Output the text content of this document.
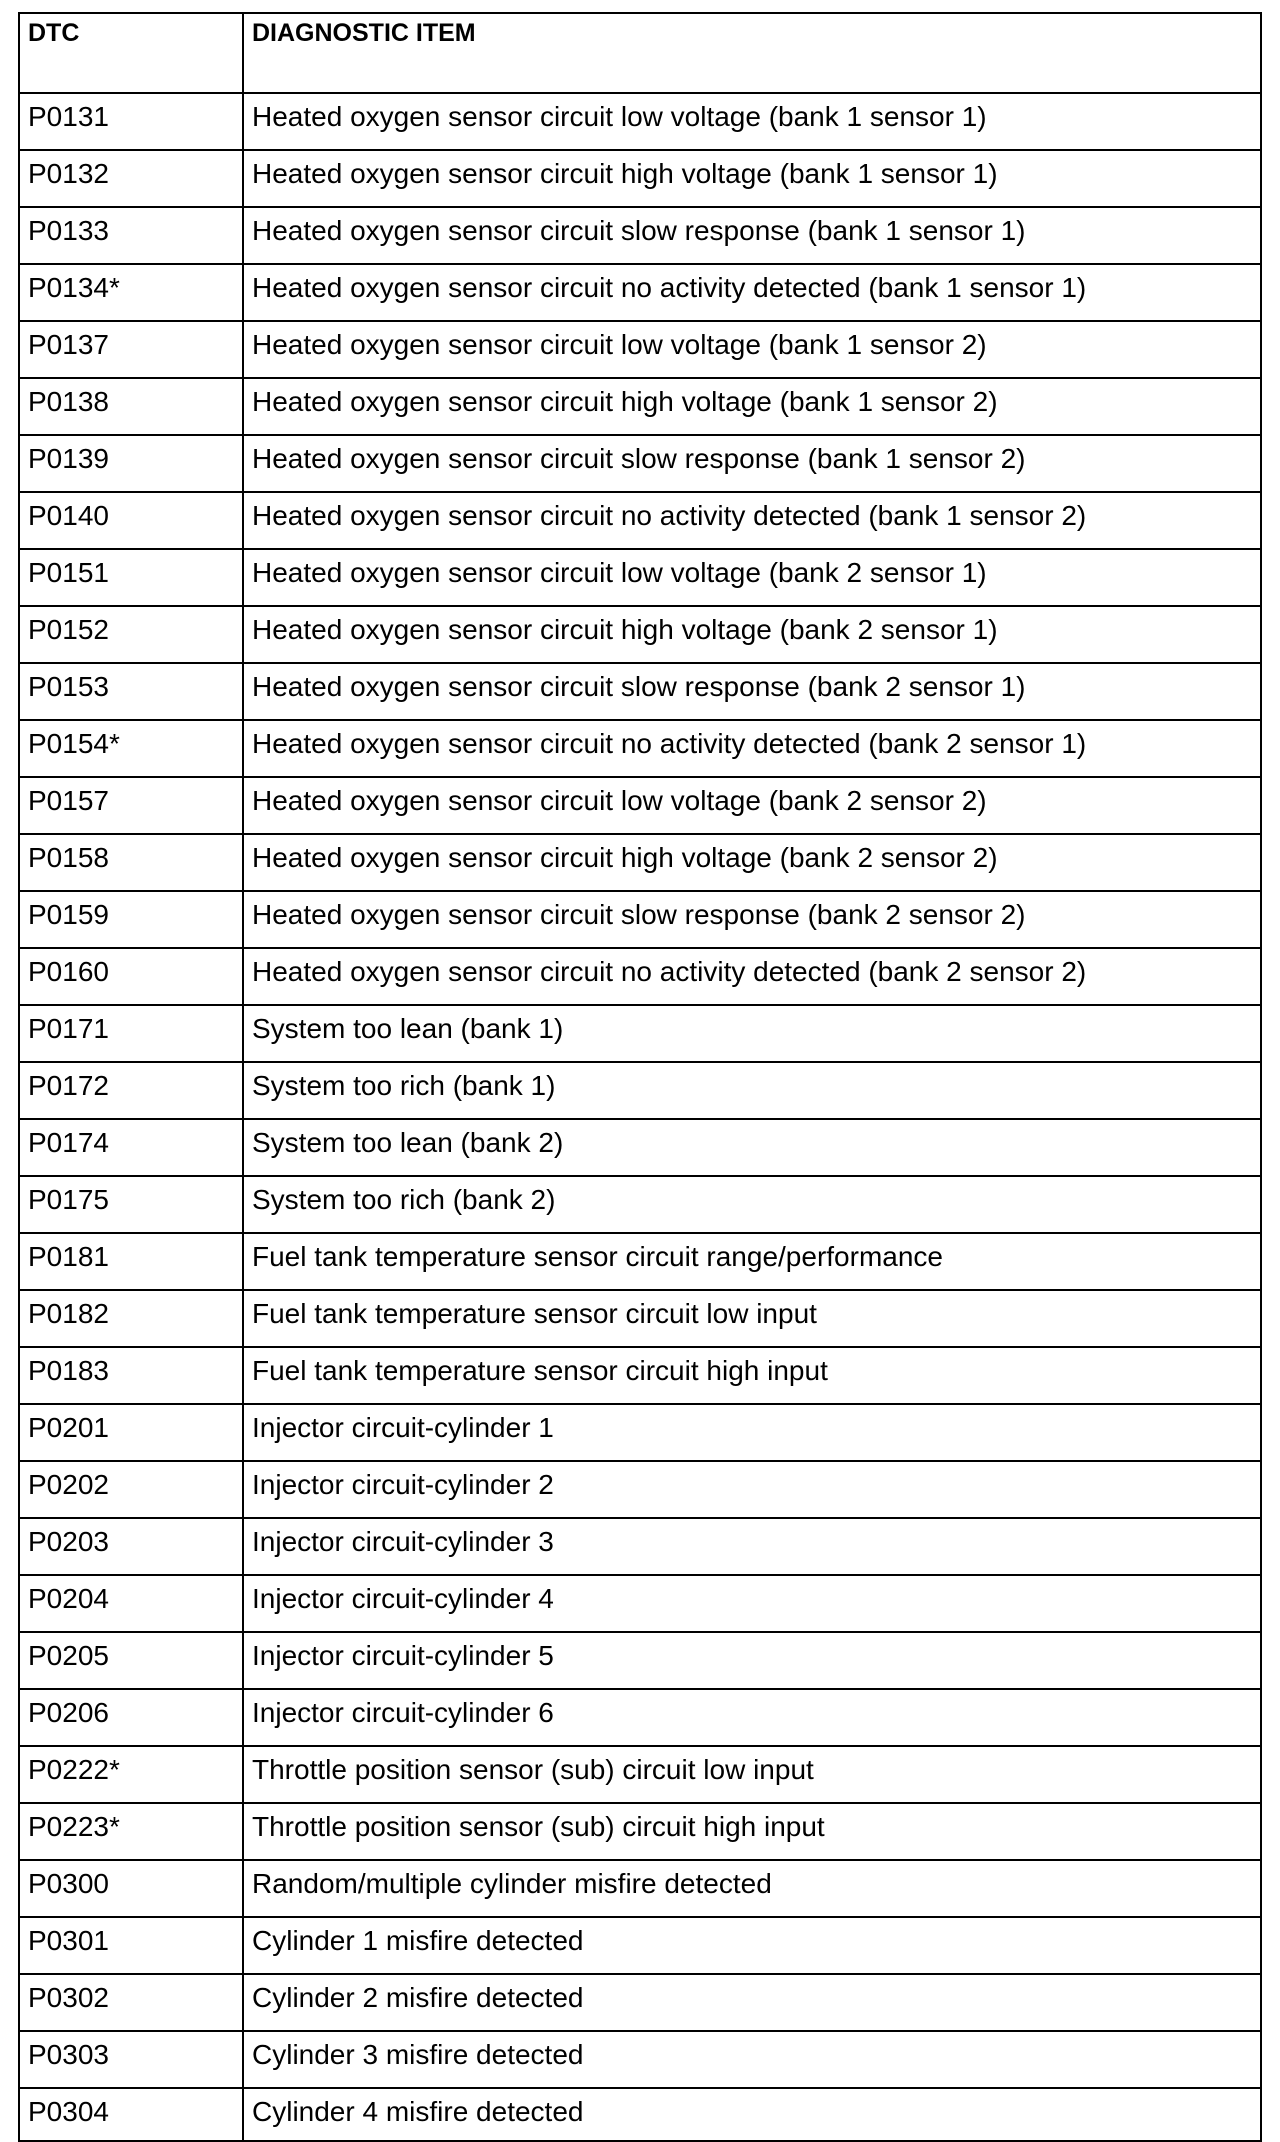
DTC	DIAGNOSTIC ITEM
P0131	Heated oxygen sensor circuit low voltage (bank 1 sensor 1)
P0132	Heated oxygen sensor circuit high voltage (bank 1 sensor 1)
P0133	Heated oxygen sensor circuit slow response (bank 1 sensor 1)
P0134*	Heated oxygen sensor circuit no activity detected (bank 1 sensor 1)
P0137	Heated oxygen sensor circuit low voltage (bank 1 sensor 2)
P0138	Heated oxygen sensor circuit high voltage (bank 1 sensor 2)
P0139	Heated oxygen sensor circuit slow response (bank 1 sensor 2)
P0140	Heated oxygen sensor circuit no activity detected (bank 1 sensor 2)
P0151	Heated oxygen sensor circuit low voltage (bank 2 sensor 1)
P0152	Heated oxygen sensor circuit high voltage (bank 2 sensor 1)
P0153	Heated oxygen sensor circuit slow response (bank 2 sensor 1)
P0154*	Heated oxygen sensor circuit no activity detected (bank 2 sensor 1)
P0157	Heated oxygen sensor circuit low voltage (bank 2 sensor 2)
P0158	Heated oxygen sensor circuit high voltage (bank 2 sensor 2)
P0159	Heated oxygen sensor circuit slow response (bank 2 sensor 2)
P0160	Heated oxygen sensor circuit no activity detected (bank 2 sensor 2)
P0171	System too lean (bank 1)
P0172	System too rich (bank 1)
P0174	System too lean (bank 2)
P0175	System too rich (bank 2)
P0181	Fuel tank temperature sensor circuit range/performance
P0182	Fuel tank temperature sensor circuit low input
P0183	Fuel tank temperature sensor circuit high input
P0201	Injector circuit-cylinder 1
P0202	Injector circuit-cylinder 2
P0203	Injector circuit-cylinder 3
P0204	Injector circuit-cylinder 4
P0205	Injector circuit-cylinder 5
P0206	Injector circuit-cylinder 6
P0222*	Throttle position sensor (sub) circuit low input
P0223*	Throttle position sensor (sub) circuit high input
P0300	Random/multiple cylinder misfire detected
P0301	Cylinder 1 misfire detected
P0302	Cylinder 2 misfire detected
P0303	Cylinder 3 misfire detected
P0304	Cylinder 4 misfire detected
